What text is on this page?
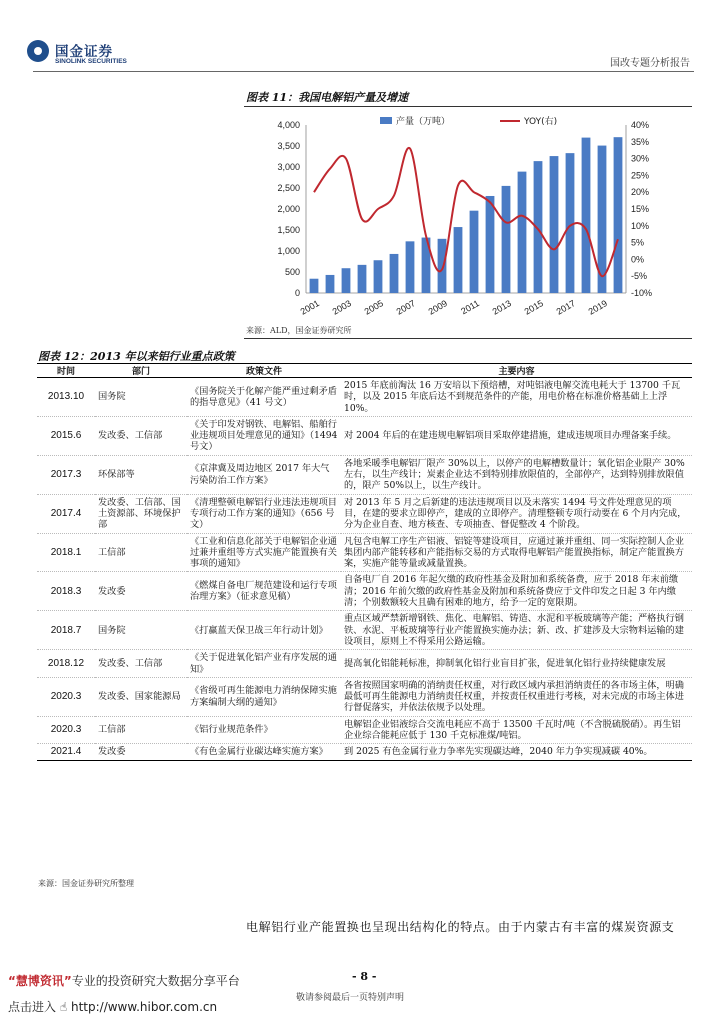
国金证券
SINOLINK SECURITIES	国改专题分析报告
图表 11：我国电解铝产量及增速
0
500
1,000
1,500
2,000
2,500
3,000
3,500
4,000
-10%
-5%
0%
5%
10%
15%
20%
25%
30%
35%
40%
2001 2003 2005 2007 2009 2011 2013 2015 2017 2019
产量（万吨）	YOY(右)
来源：ALD，国金证券研究所
图表 12：2013 年以来铝行业重点政策
时间	部门	政策文件	主要内容
2013.10	国务院	《国务院关于化解产能严重过剩矛盾的指导意见》（41 号文）	2015 年底前淘汰 16 万安培以下预焙槽，对吨铝液电解交流电耗大于 13700 千瓦时，以及 2015 年底后达不到规范条件的产能，用电价格在标准价格基础上上浮 10%。
2015.6	发改委、工信部	《关于印发对钢铁、电解铝、船舶行业违规项目处理意见的通知》（1494 号文）	对 2004 年后的在建违规电解铝项目采取停建措施，建成违规项目办理备案手续。
2017.3	环保部等	《京津冀及周边地区 2017 年大气污染防治工作方案》	各地采暖季电解铝厂限产 30%以上，以停产的电解槽数量计；氧化铝企业限产 30%左右，以生产线计；炭素企业达不到特别排放限值的，全部停产，达到特别排放限值的，限产 50%以上，以生产线计。
2017.4	发改委、工信部、国土资源部、环境保护部	《清理整顿电解铝行业违法违规项目专项行动工作方案的通知》（656 号文）	对 2013 年 5 月之后新建的违法违规项目以及未落实 1494 号文件处理意见的项目，在建的要求立即停产，建成的立即停产。清理整顿专项行动要在 6 个月内完成，分为企业自查、地方核查、专项抽查、督促整改 4 个阶段。
2018.1	工信部	《工业和信息化部关于电解铝企业通过兼并重组等方式实施产能置换有关事项的通知》	凡包含电解工序生产铝液、铝锭等建设项目，应通过兼并重组、同一实际控制人企业集团内部产能转移和产能指标交易的方式取得电解铝产能置换指标，制定产能置换方案，实施产能等量或减量置换。
2018.3	发改委	《燃煤自备电厂规范建设和运行专项治理方案》（征求意见稿）	自备电厂自 2016 年起欠缴的政府性基金及附加和系统备费，应于 2018 年末前缴清；2016 年前欠缴的政府性基金及附加和系统备费应于文件印发之日起 3 年内缴清；个别数额较大且确有困难的地方，给予一定的宽限期。
2018.7	国务院	《打赢蓝天保卫战三年行动计划》	重点区域严禁新增钢铁、焦化、电解铝、铸造、水泥和平板玻璃等产能；严格执行钢铁、水泥、平板玻璃等行业产能置换实施办法；新、改、扩建涉及大宗物料运输的建设项目，原则上不得采用公路运输。
2018.12	发改委、工信部	《关于促进氧化铝产业有序发展的通知》	提高氧化铝能耗标准，抑制氧化铝行业盲目扩张，促进氧化铝行业持续健康发展
2020.3	发改委、国家能源局	《省级可再生能源电力消纳保障实施方案编制大纲的通知》	各省按照国家明确的消纳责任权重，对行政区域内承担消纳责任的各市场主体，明确最低可再生能源电力消纳责任权重，并按责任权重进行考核，对未完成的市场主体进行督促落实，并依法依规予以处理。
2020.3	工信部	《铝行业规范条件》	电解铝企业铝液综合交流电耗应不高于 13500 千瓦时/吨（不含脱硫脱硝）。再生铝企业综合能耗应低于 130 千克标准煤/吨铝。
2021.4	发改委	《有色金属行业碳达峰实施方案》	到 2025 有色金属行业力争率先实现碳达峰，2040 年力争实现减碳 40%。
来源：国金证券研究所整理
电解铝行业产能置换也呈现出结构化的特点。由于内蒙古有丰富的煤炭资源支
“慧博资讯”专业的投资研究大数据分享平台	- 8 -
点击进入 ☝ http://www.hibor.com.cn
敬请参阅最后一页特别声明
